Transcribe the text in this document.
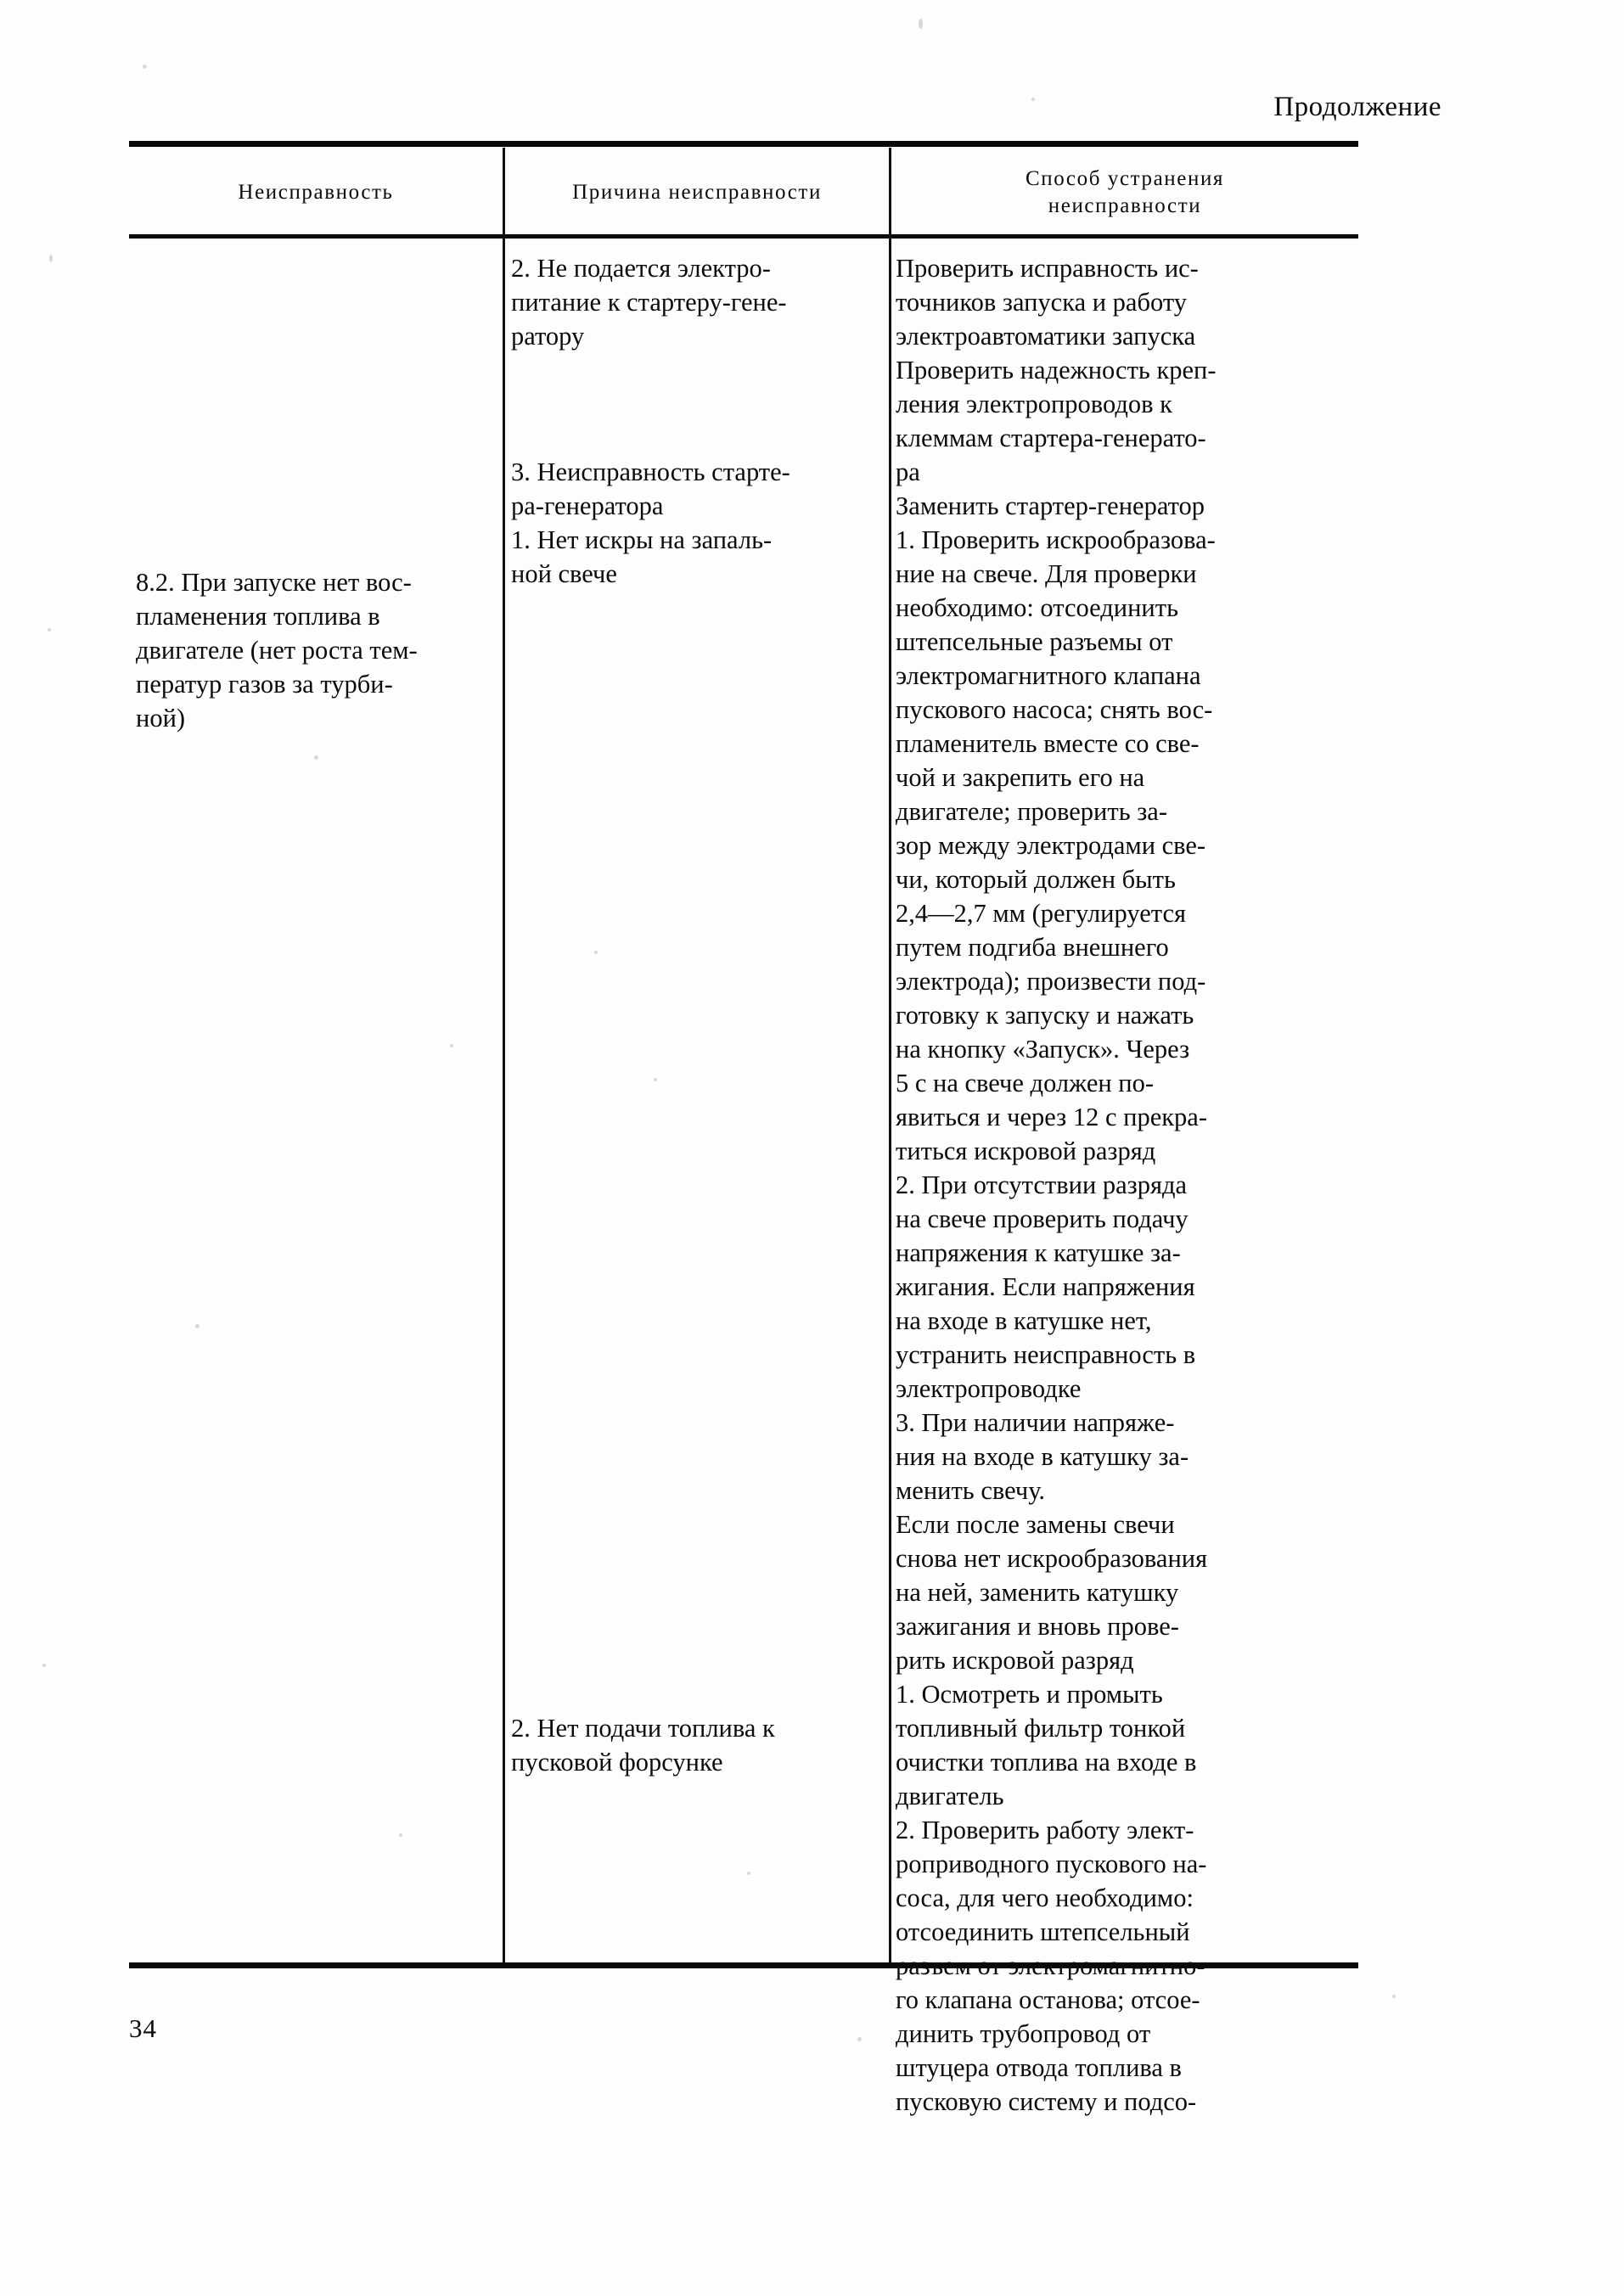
Продолжение
Неисправность	Причина неисправности
Способ устранения
неисправности

8.2. При запуске нет вос-
пламенения топлива в
двигателе (нет роста тем-
ператур газов за турби-
ной)

2. Не подается электро-
питание к стартеру-гене-
ратору

3. Неисправность старте-
ра-генератора

1. Нет искры на запаль-
ной свече

2. Нет подачи топлива к
пусковой форсунке

Проверить исправность ис-
точников запуска и работу
электроавтоматики запуска

Проверить надежность креп-
ления электропроводов к
клеммам стартера-генерато-
ра

Заменить стартер-генератор

1. Проверить искрообразова-
ние на свече. Для проверки
необходимо: отсоединить
штепсельные разъемы от
электромагнитного клапана
пускового насоса; снять вос-
пламенитель вместе со све-
чой и закрепить его на
двигателе; проверить за-
зор между электродами све-
чи, который должен быть
2,4—2,7 мм (регулируется
путем подгиба внешнего
электрода); произвести под-
готовку к запуску и нажать
на кнопку «Запуск». Через
5 с на свече должен по-
явиться и через 12 с прекра-
титься искровой разряд
2. При отсутствии разряда
на свече проверить подачу
напряжения к катушке за-
жигания. Если напряжения
на входе в катушке нет,
устранить неисправность в
электропроводке
3. При наличии напряже-
ния на входе в катушку за-
менить свечу.
Если после замены свечи
снова нет искрообразования
на ней, заменить катушку
зажигания и вновь прове-
рить искровой разряд

1. Осмотреть и промыть
топливный фильтр тонкой
очистки топлива на входе в
двигатель
2. Проверить работу элект-
роприводного пускового на-
соса, для чего необходимо:
отсоединить штепсельный
разъем от электромагнитно-
го клапана останова; отсое-
динить трубопровод от
штуцера отвода топлива в
пусковую систему и подсо-

34
